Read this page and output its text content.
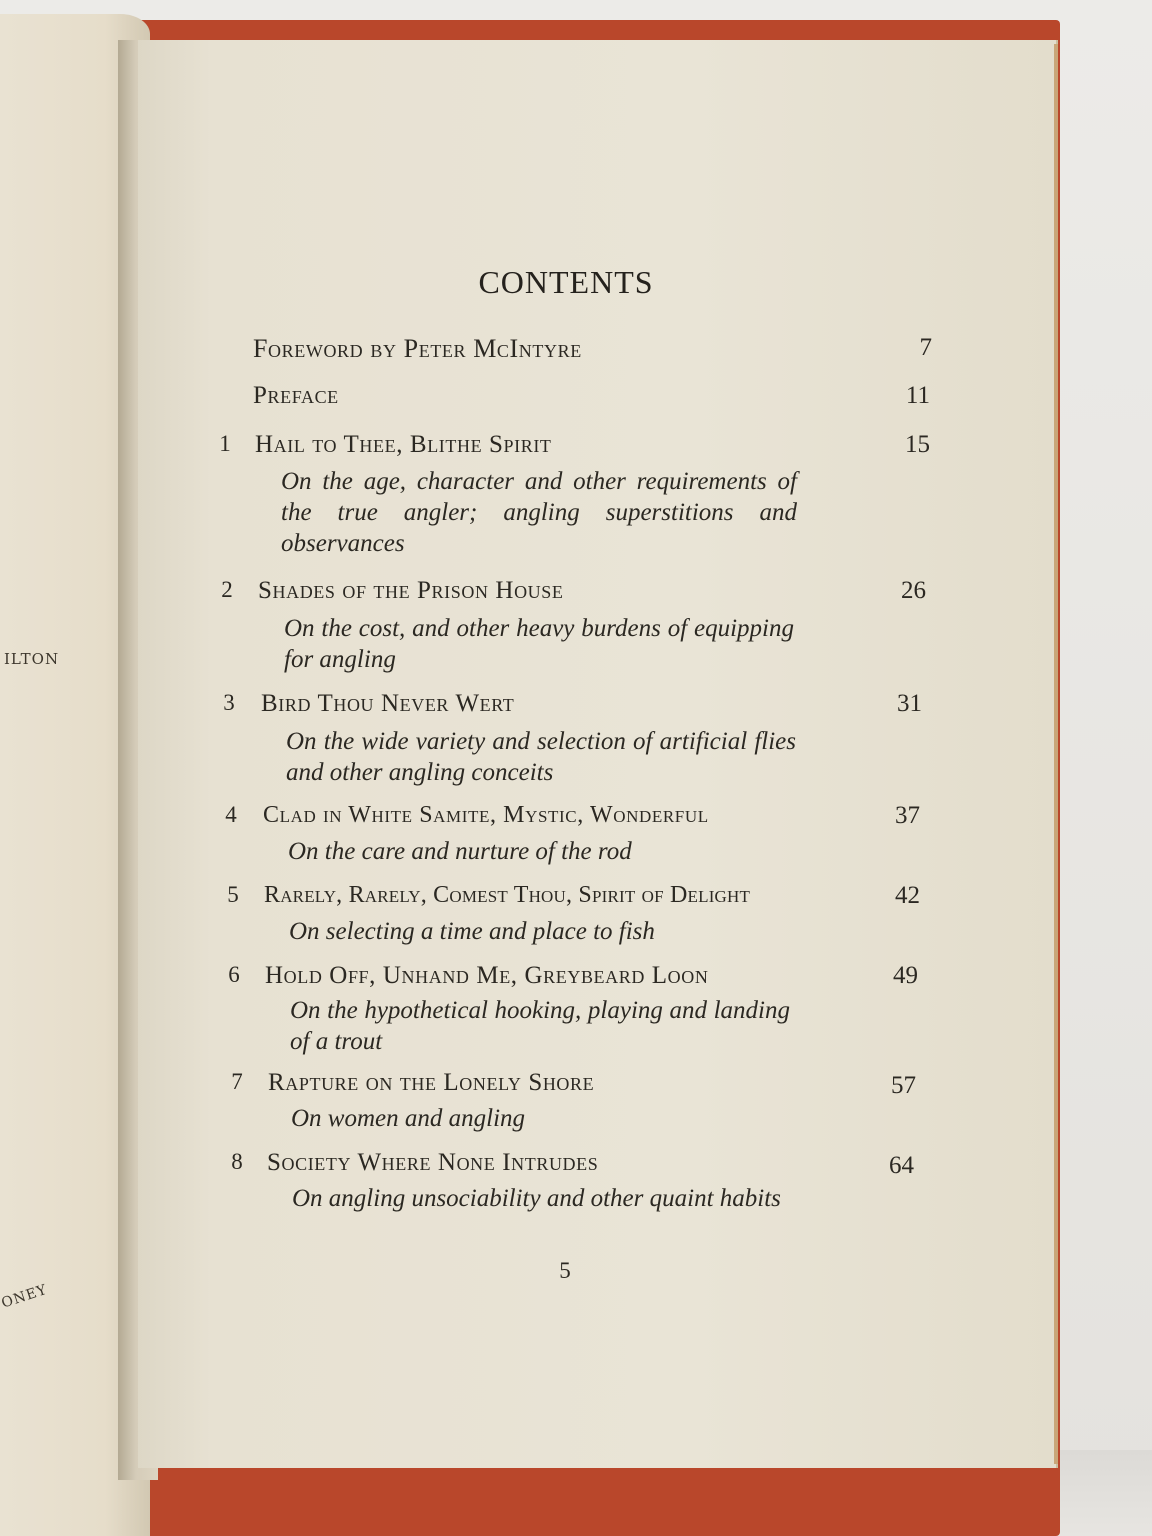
ILTON
ONEY
CONTENTS
Foreword by Peter McIntyre	7
Preface	11
1 Hail to Thee, Blithe Spirit	15
On the age, character and other requirements of the true angler; angling superstitions and observances
2	Shades of the Prison House	26
On the cost, and other heavy burdens of equipping for angling
3	Bird Thou Never Wert	31
On the wide variety and selection of artificial flies and other angling conceits
4	Clad in White Samite, Mystic, Wonderful	37
On the care and nurture of the rod
5	Rarely, Rarely, Comest Thou, Spirit of Delight	42
On selecting a time and place to fish
6	Hold Off, Unhand Me, Greybeard Loon	49
On the hypothetical hooking, playing and landing of a trout
7	Rapture on the Lonely Shore	57
On women and angling
8 Society Where None Intrudes	64
On angling unsociability and other quaint habits
5
